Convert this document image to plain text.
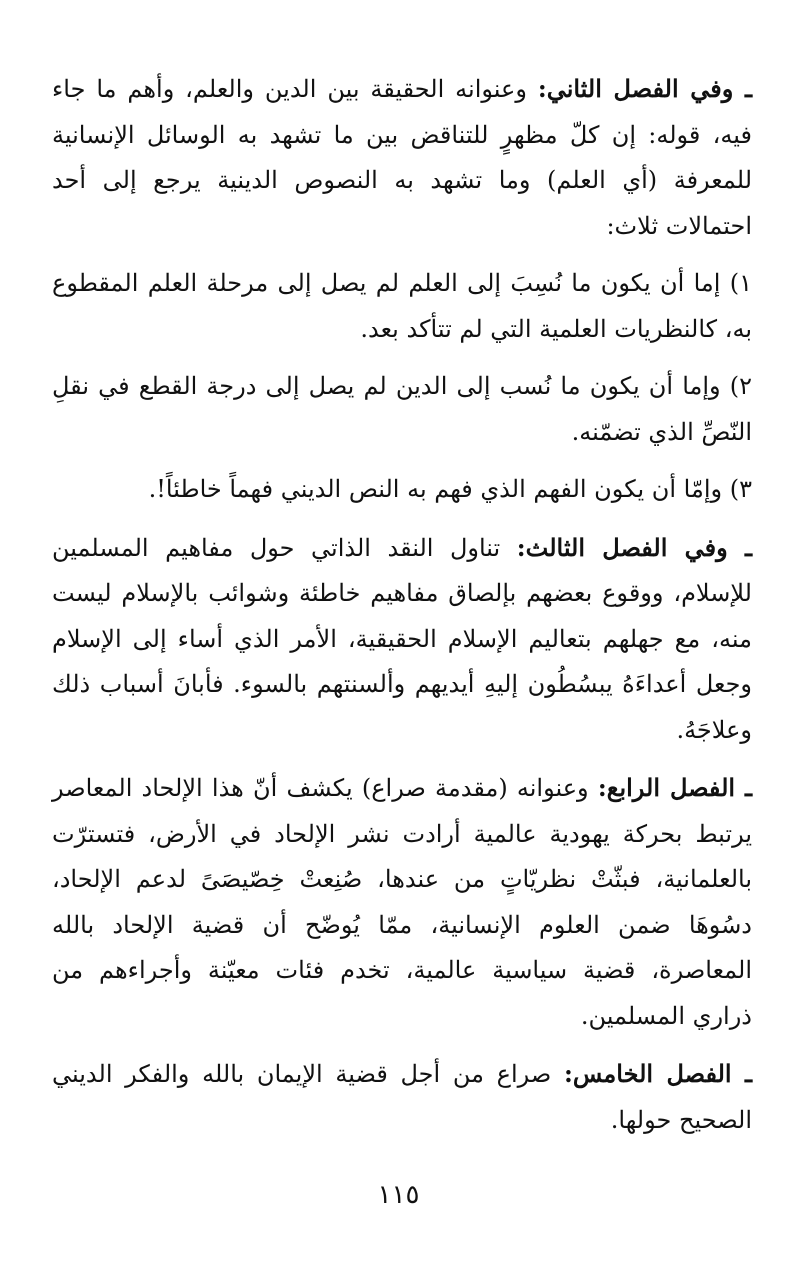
ـ وفي الفصل الثاني: وعنوانه الحقيقة بين الدين والعلم، وأهم ما جاء فيه، قوله: إن كلّ مظهرٍ للتناقض بين ما تشهد به الوسائل الإنسانية للمعرفة (أي العلم) وما تشهد به النصوص الدينية يرجع إلى أحد احتمالات ثلاث:

١) إما أن يكون ما نُسِبَ إلى العلم لم يصل إلى مرحلة العلم المقطوع به، كالنظريات العلمية التي لم تتأكد بعد.

٢) وإما أن يكون ما نُسب إلى الدين لم يصل إلى درجة القطع في نقلِ النّصِّ الذي تضمّنه.

٣) وإمّا أن يكون الفهم الذي فهم به النص الديني فهماً خاطئاً!.

ـ وفي الفصل الثالث: تناول النقد الذاتي حول مفاهيم المسلمين للإسلام، ووقوع بعضهم بإلصاق مفاهيم خاطئة وشوائب بالإسلام ليست منه، مع جهلهم بتعاليم الإسلام الحقيقية، الأمر الذي أساء إلى الإسلام وجعل أعداءَهُ يبسُطُون إليهِ أيديهم وألسنتهم بالسوء. فأبانَ أسباب ذلك وعلاجَهُ.

ـ الفصل الرابع: وعنوانه (مقدمة صراع) يكشف أنّ هذا الإلحاد المعاصر يرتبط بحركة يهودية عالمية أرادت نشر الإلحاد في الأرض، فتسترّت بالعلمانية، فبثّتْ نظريّاتٍ من عندها، صُنِعتْ خِصّيصَىً لدعم الإلحاد، دسُوهَا ضمن العلوم الإنسانية، ممّا يُوضّح أن قضية الإلحاد بالله المعاصرة، قضية سياسية عالمية، تخدم فئات معيّنة وأجراءهم من ذراري المسلمين.

ـ الفصل الخامس: صراع من أجل قضية الإيمان بالله والفكر الديني الصحيح حولها.

١١٥
